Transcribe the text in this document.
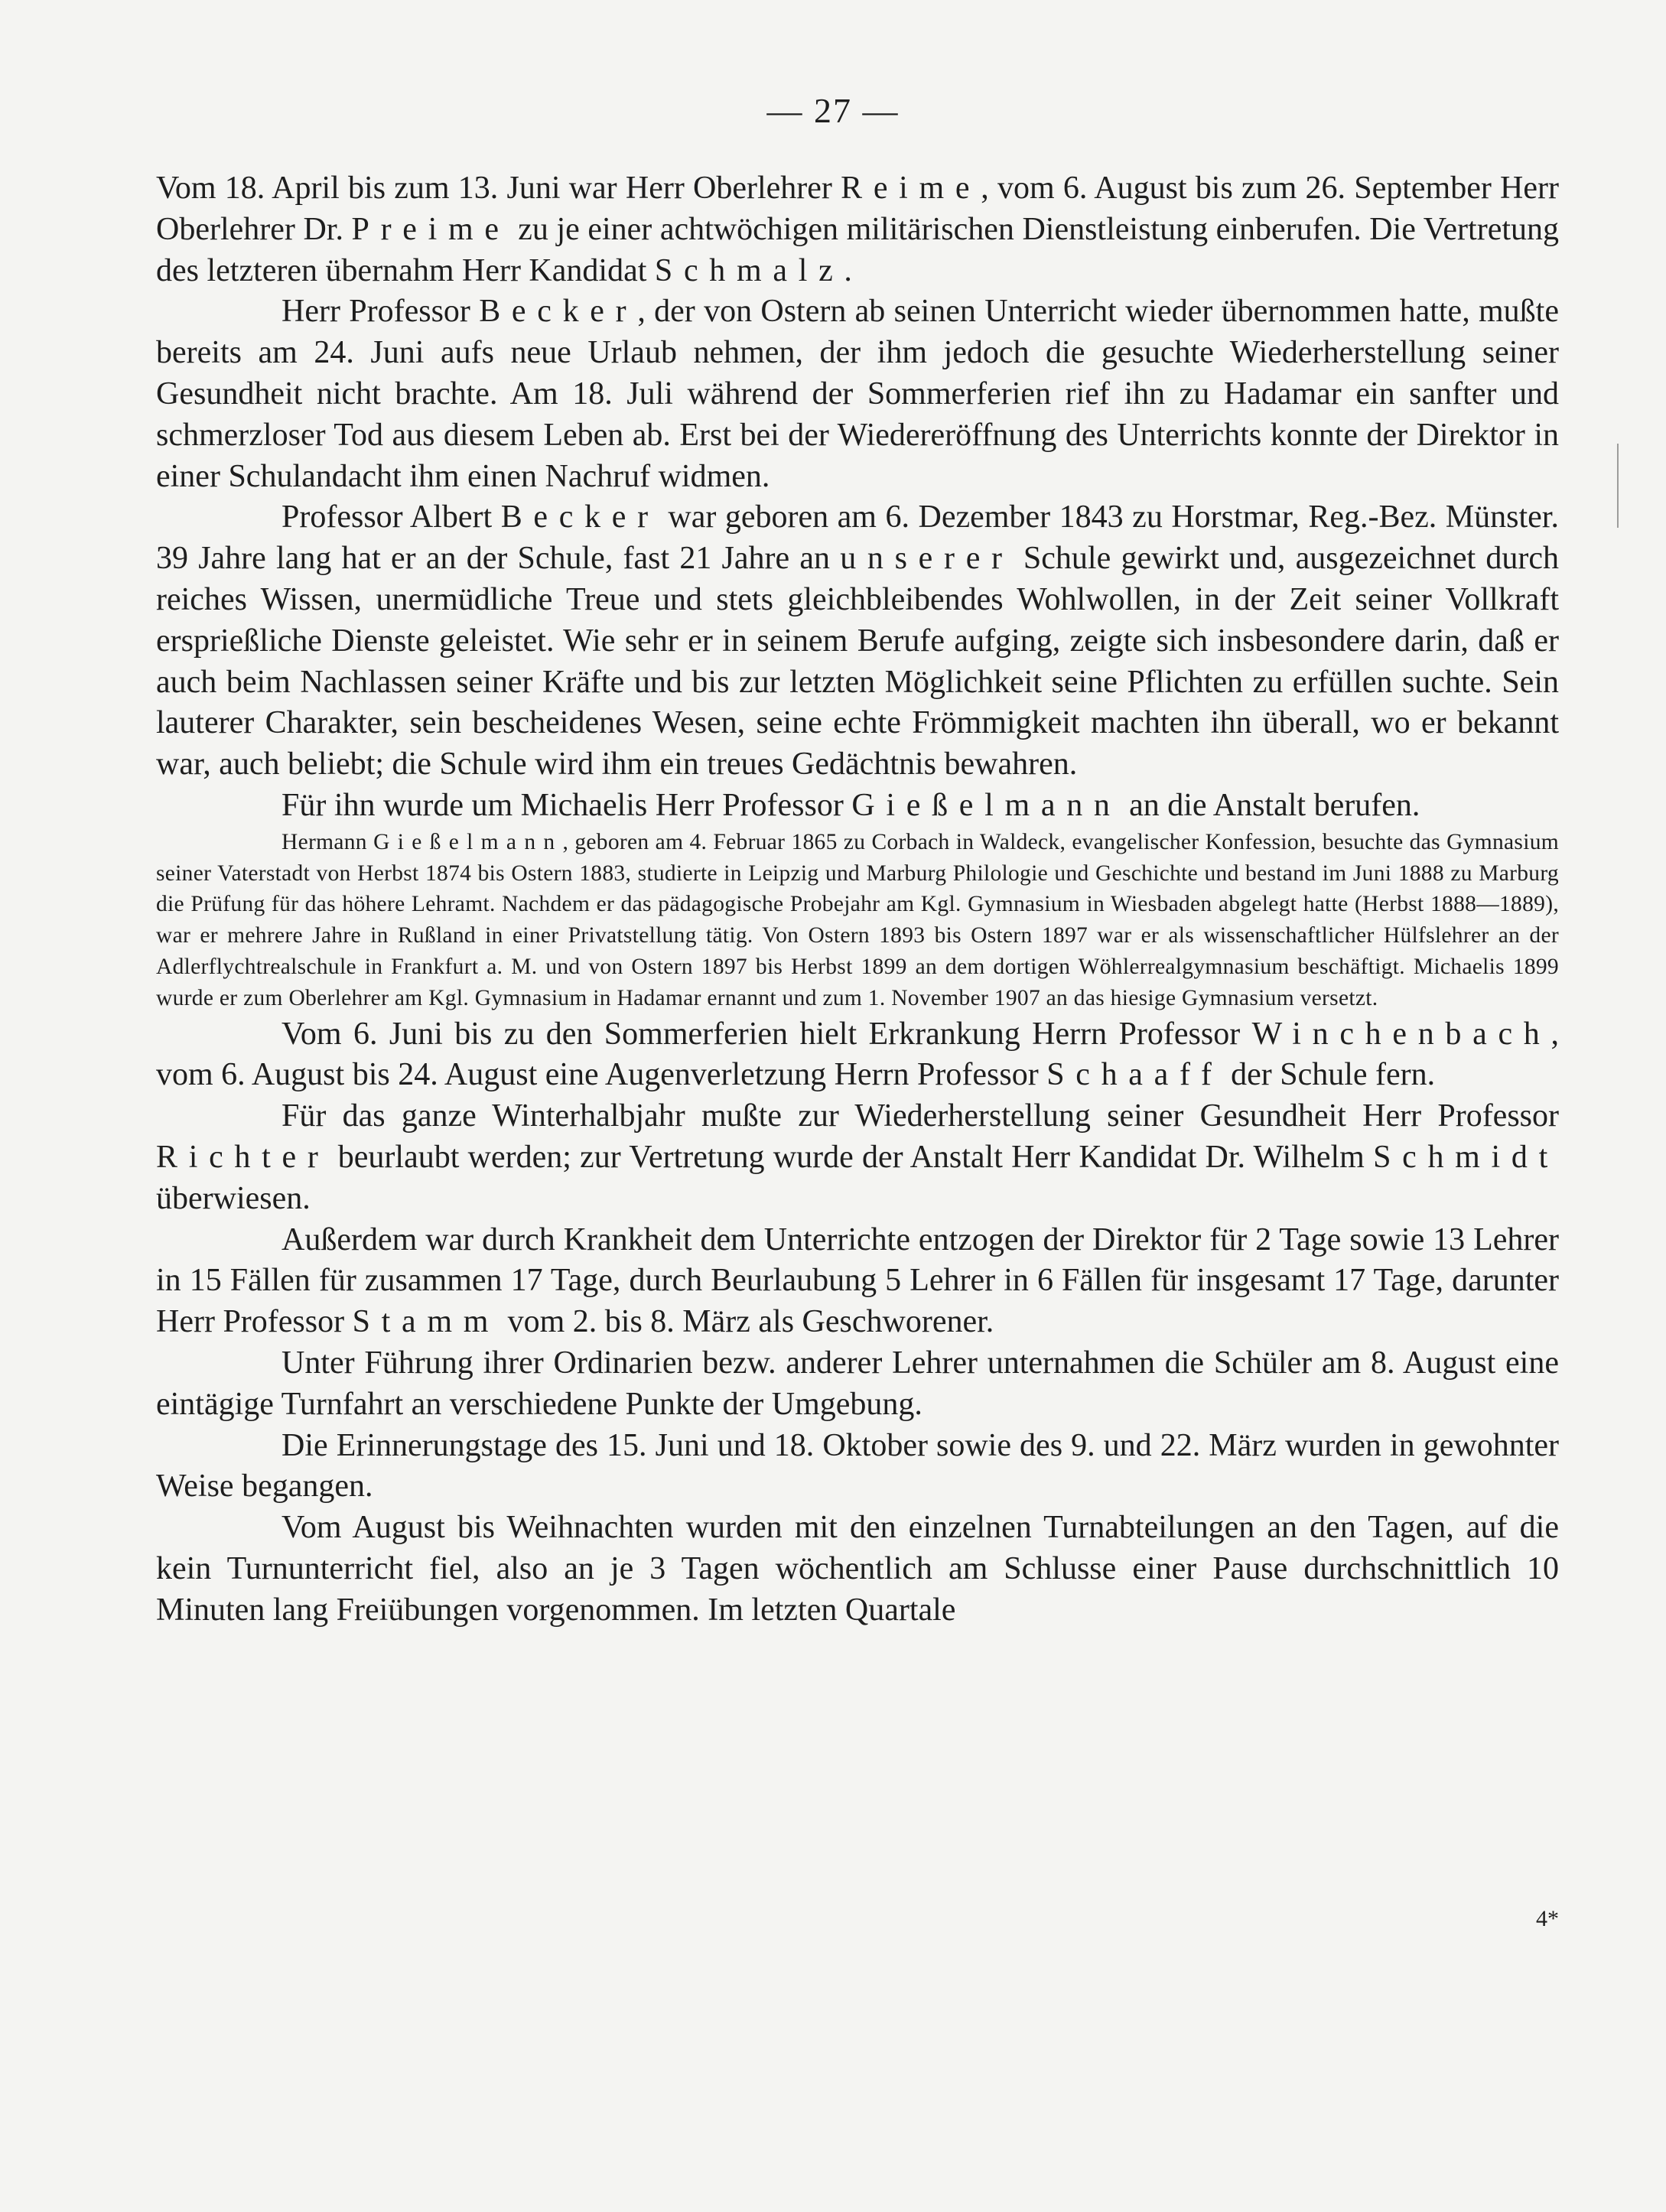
— 27 —

Vom 18. April bis zum 13. Juni war Herr Oberlehrer Reime, vom 6. August bis zum 26. September Herr Oberlehrer Dr. Preime zu je einer achtwöchigen militärischen Dienstleistung einberufen. Die Vertretung des letzteren übernahm Herr Kandidat Schmalz.

Herr Professor Becker, der von Ostern ab seinen Unterricht wieder übernommen hatte, mußte bereits am 24. Juni aufs neue Urlaub nehmen, der ihm jedoch die gesuchte Wiederherstellung seiner Gesundheit nicht brachte. Am 18. Juli während der Sommerferien rief ihn zu Hadamar ein sanfter und schmerzloser Tod aus diesem Leben ab. Erst bei der Wiedereröffnung des Unterrichts konnte der Direktor in einer Schulandacht ihm einen Nachruf widmen.

Professor Albert Becker war geboren am 6. Dezember 1843 zu Horstmar, Reg.-Bez. Münster. 39 Jahre lang hat er an der Schule, fast 21 Jahre an unserer Schule gewirkt und, ausgezeichnet durch reiches Wissen, unermüdliche Treue und stets gleichbleibendes Wohlwollen, in der Zeit seiner Vollkraft ersprießliche Dienste geleistet. Wie sehr er in seinem Berufe aufging, zeigte sich insbesondere darin, daß er auch beim Nachlassen seiner Kräfte und bis zur letzten Möglichkeit seine Pflichten zu erfüllen suchte. Sein lauterer Charakter, sein bescheidenes Wesen, seine echte Frömmigkeit machten ihn überall, wo er bekannt war, auch beliebt; die Schule wird ihm ein treues Gedächtnis bewahren.

Für ihn wurde um Michaelis Herr Professor Gießelmann an die Anstalt berufen.

Hermann Gießelmann, geboren am 4. Februar 1865 zu Corbach in Waldeck, evangelischer Konfession, besuchte das Gymnasium seiner Vaterstadt von Herbst 1874 bis Ostern 1883, studierte in Leipzig und Marburg Philologie und Geschichte und bestand im Juni 1888 zu Marburg die Prüfung für das höhere Lehramt. Nachdem er das pädagogische Probejahr am Kgl. Gymnasium in Wiesbaden abgelegt hatte (Herbst 1888—1889), war er mehrere Jahre in Rußland in einer Privatstellung tätig. Von Ostern 1893 bis Ostern 1897 war er als wissenschaftlicher Hülfslehrer an der Adlerflychtrealschule in Frankfurt a. M. und von Ostern 1897 bis Herbst 1899 an dem dortigen Wöhlerrealgymnasium beschäftigt. Michaelis 1899 wurde er zum Oberlehrer am Kgl. Gymnasium in Hadamar ernannt und zum 1. November 1907 an das hiesige Gymnasium versetzt.

Vom 6. Juni bis zu den Sommerferien hielt Erkrankung Herrn Professor Winchenbach, vom 6. August bis 24. August eine Augenverletzung Herrn Professor Schaaff der Schule fern.

Für das ganze Winterhalbjahr mußte zur Wiederherstellung seiner Gesundheit Herr Professor Richter beurlaubt werden; zur Vertretung wurde der Anstalt Herr Kandidat Dr. Wilhelm Schmidt überwiesen.

Außerdem war durch Krankheit dem Unterrichte entzogen der Direktor für 2 Tage sowie 13 Lehrer in 15 Fällen für zusammen 17 Tage, durch Beurlaubung 5 Lehrer in 6 Fällen für insgesamt 17 Tage, darunter Herr Professor Stamm vom 2. bis 8. März als Geschworener.

Unter Führung ihrer Ordinarien bezw. anderer Lehrer unternahmen die Schüler am 8. August eine eintägige Turnfahrt an verschiedene Punkte der Umgebung.

Die Erinnerungstage des 15. Juni und 18. Oktober sowie des 9. und 22. März wurden in gewohnter Weise begangen.

Vom August bis Weihnachten wurden mit den einzelnen Turnabteilungen an den Tagen, auf die kein Turnunterricht fiel, also an je 3 Tagen wöchentlich am Schlusse einer Pause durchschnittlich 10 Minuten lang Freiübungen vorgenommen. Im letzten Quartale

4*
